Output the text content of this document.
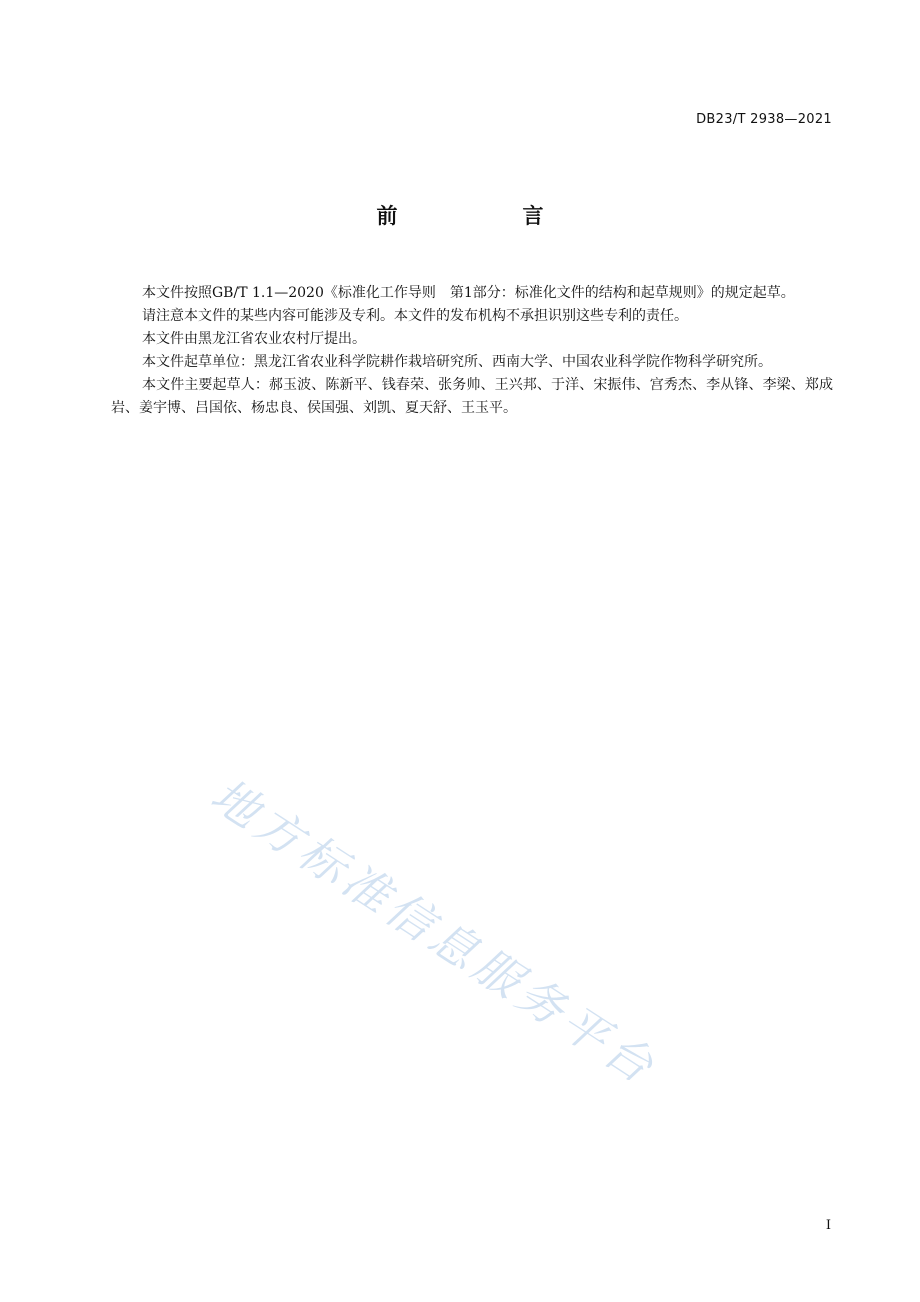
DB23/T 2938—2021
前　言

本文件按照GB/T 1.1—2020《标准化工作导则　第1部分：标准化文件的结构和起草规则》的规定起草。

请注意本文件的某些内容可能涉及专利。本文件的发布机构不承担识别这些专利的责任。

本文件由黑龙江省农业农村厅提出。

本文件起草单位：黑龙江省农业科学院耕作栽培研究所、西南大学、中国农业科学院作物科学研究所。

本文件主要起草人：郝玉波、陈新平、钱春荣、张务帅、王兴邦、于洋、宋振伟、宫秀杰、李从锋、李梁、郑成岩、姜宇博、吕国依、杨忠良、侯国强、刘凯、夏天舒、王玉平。

地方标准信息服务平台
I
